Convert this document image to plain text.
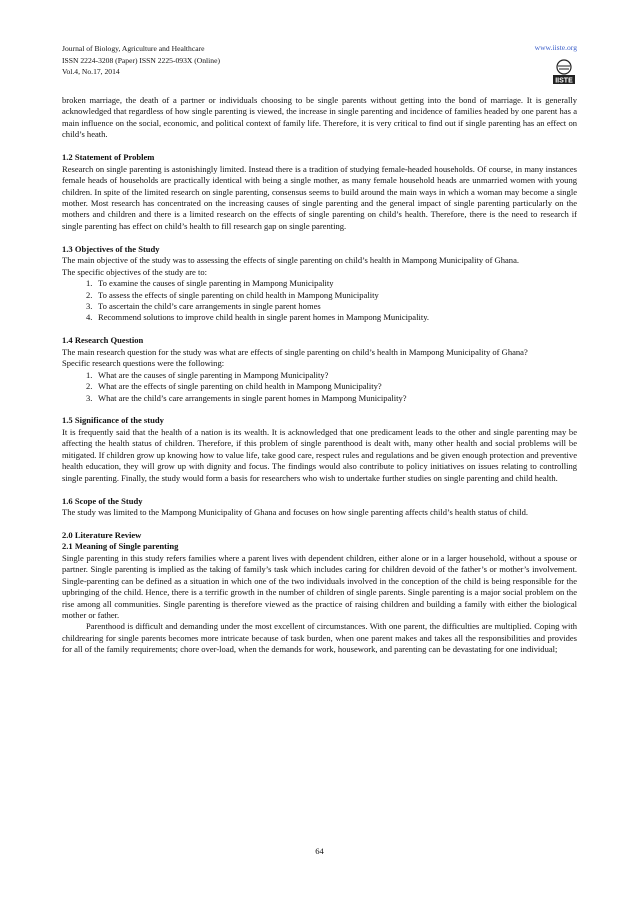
Journal of Biology, Agriculture and Healthcare
ISSN 2224-3208 (Paper) ISSN 2225-093X (Online)
Vol.4, No.17, 2014
www.iiste.org
IISTE

broken marriage, the death of a partner or individuals choosing to be single parents without getting into the bond of marriage. It is generally acknowledged that regardless of how single parenting is viewed, the increase in single parenting and incidence of families headed by one parent has a main influence on the social, economic, and political context of family life. Therefore, it is very critical to find out if single parenting has an effect on child’s heath.

1.2 Statement of Problem

Research on single parenting is astonishingly limited. Instead there is a tradition of studying female-headed households. Of course, in many instances female heads of households are practically identical with being a single mother, as many female household heads are unmarried women with young children. In spite of the limited research on single parenting, consensus seems to build around the main ways in which a woman may become a single mother. Most research has concentrated on the increasing causes of single parenting and the general impact of single parenting particularly on the mothers and children and there is a limited research on the effects of single parenting on child’s health. Therefore, there is the need to research if single parenting has effect on child’s health to fill research gap on single parenting.

1.3 Objectives of the Study

The main objective of the study was to assessing the effects of single parenting on child’s health in Mampong Municipality of Ghana.

The specific objectives of the study are to:

1. To examine the causes of single parenting in Mampong Municipality
2. To assess the effects of single parenting on child health in Mampong Municipality
3. To ascertain the child’s care arrangements in single parent homes
4. Recommend solutions to improve child health in single parent homes in Mampong Municipality.

1.4 Research Question

The main research question for the study was what are effects of single parenting on child’s health in Mampong Municipality of Ghana?

Specific research questions were the following:

1. What are the causes of single parenting in Mampong Municipality?
2. What are the effects of single parenting on child health in Mampong Municipality?
3. What are the child’s care arrangements in single parent homes in Mampong Municipality?

1.5 Significance of the study

It is frequently said that the health of a nation is its wealth. It is acknowledged that one predicament leads to the other and single parenting may be affecting the health status of children. Therefore, if this problem of single parenthood is dealt with, many other health and social problems will be mitigated. If children grow up knowing how to value life, take good care, respect rules and regulations and be given enough protection and preventive health education, they will grow up with dignity and focus. The findings would also contribute to policy initiatives on issues relating to controlling single parenting. Finally, the study would form a basis for researchers who wish to undertake further studies on single parenting and child health.

1.6 Scope of the Study

The study was limited to the Mampong Municipality of Ghana and focuses on how single parenting affects child’s health status of child.

2.0 Literature Review

2.1 Meaning of Single parenting

Single parenting in this study refers families where a parent lives with dependent children, either alone or in a larger household, without a spouse or partner. Single parenting is implied as the taking of family’s task which includes caring for children devoid of the father’s or mother’s involvement. Single-parenting can be defined as a situation in which one of the two individuals involved in the conception of the child is being responsible for the upbringing of the child. Hence, there is a terrific growth in the number of children of single parents. Single parenting is a major social problem on the rise among all communities. Single parenting is therefore viewed as the practice of raising children and building a family with either the biological mother or father.

Parenthood is difficult and demanding under the most excellent of circumstances. With one parent, the difficulties are multiplied. Coping with childrearing for single parents becomes more intricate because of task burden, when one parent makes and takes all the responsibilities and provides for all of the family requirements; chore over-load, when the demands for work, housework, and parenting can be devastating for one individual;

64
